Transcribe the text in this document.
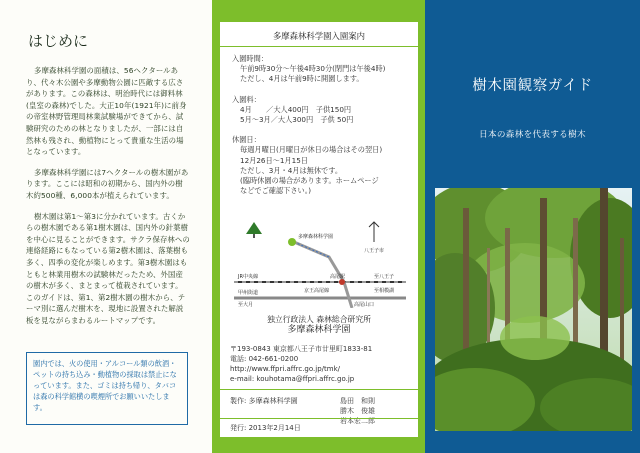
はじめに

多摩森林科学園の面積は、56ヘクタールあり、代々木公園や多摩動物公園に匹敵する広さがあります。この森林は、明治時代には御料林(皇室の森林)でした。大正10年(1921年)に前身の帝室林野管理局林業試験場ができてから、試験研究のための林となりましたが、一部には自然林も残され、動植物にとって貴重な生活の場となっています。

多摩森林科学園には7ヘクタールの樹木園があります。ここには昭和の初期から、国内外の樹木約500種、6,000本が植えられています。

樹木園は第1〜第3に分かれています。古くからの樹木園である第1樹木園は、国内外の針葉樹を中心に見ることができます。サクラ保存林への連絡経路にもなっている第2樹木園は、落葉樹も多く、四季の変化が楽しめます。第3樹木園はもともと林業用樹木の試験林だったため、外国産の樹木が多く、まとまって植栽されています。このガイドは、第1、第2樹木園の樹木から、テーマ別に選んだ樹木を、現地に設置された解説板を見ながらまわるルートマップです。

園内では、火の使用・アルコール類の飲酒・ペットの持ち込み・動植物の採取は禁止になっています。また、ゴミは持ち帰り、タバコは森の科学館横の喫煙所でお願いいたします。
樹木園観察ガイド
日本の森林を代表する樹木
多摩森林科学園入園案内
入園時間：
午前9時30分〜午後4時30分(閉門は午後4時)
ただし、4月は午前9時に開園します。
入園料：
4月　　／大人400円　子供150円
5月〜3月／大人300円　子供 50円
休園日：
毎週月曜日(月曜日が休日の場合はその翌日)
12月26日〜1月15日
ただし、3月・4月は無休です。
(臨時休園の場合があります。ホームページ
などでご確認下さい。)
高尾駅
多摩森林科学園
JR中央線	至八王子
甲州街道
高尾山口
京王高尾線
至大月
八王子市
至相模湖
独立行政法人 森林総合研究所
多摩森林科学園
〒193-0843 東京都八王子市廿里町1833-81
電話: 042-661-0200
http://www.ffpri.affrc.go.jp/tmk/
e-mail: kouhotama@ffpri.affrc.go.jp
製作: 多摩森林科学園	島田　和則
勝木　俊雄
岩本宏二郎
発行: 2013年2月14日
